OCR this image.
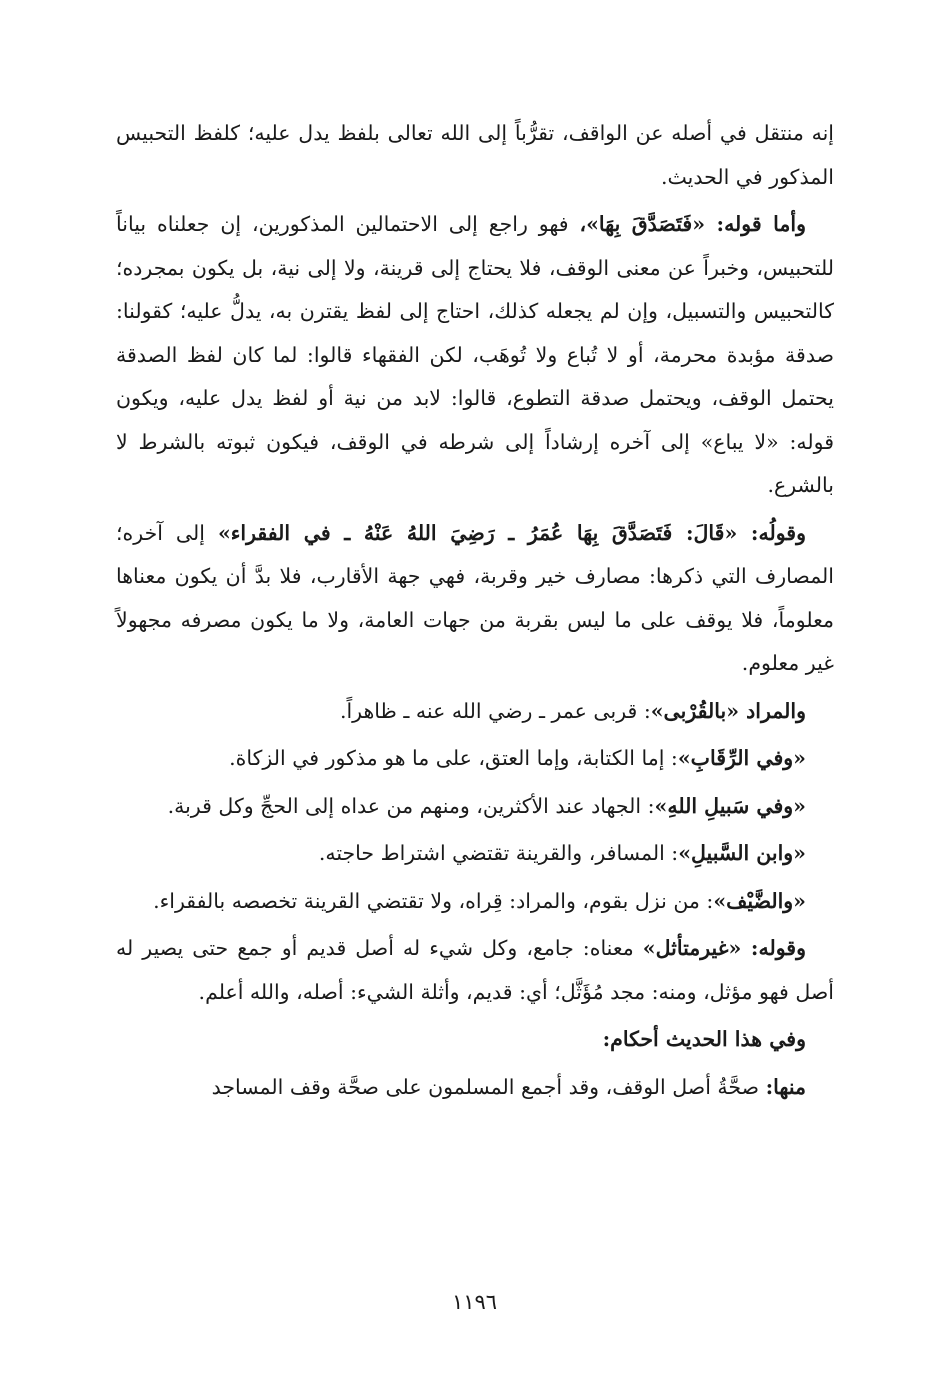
إنه منتقل في أصله عن الواقف، تقرُّباً إلى الله تعالى بلفظ يدل عليه؛ كلفظ التحبيس المذكور في الحديث.

وأما قوله: «فَتَصَدَّقَ بِهَا»، فهو راجع إلى الاحتمالين المذكورين، إن جعلناه بياناً للتحبيس، وخبراً عن معنى الوقف، فلا يحتاج إلى قرينة، ولا إلى نية، بل يكون بمجرده؛ كالتحبيس والتسبيل، وإن لم يجعله كذلك، احتاج إلى لفظ يقترن به، يدلُّ عليه؛ كقولنا: صدقة مؤبدة محرمة، أو لا تُباع ولا تُوهَب، لكن الفقهاء قالوا: لما كان لفظ الصدقة يحتمل الوقف، ويحتمل صدقة التطوع، قالوا: لابد من نية أو لفظ يدل عليه، ويكون قوله: «لا يباع» إلى آخره إرشاداً إلى شرطه في الوقف، فيكون ثبوته بالشرط لا بالشرع.

وقولُه: «قَالَ: فَتَصَدَّقَ بِهَا عُمَرُ ـ رَضِيَ اللهُ عَنْهُ ـ في الفقراء» إلى آخره؛ المصارف التي ذكرها: مصارف خير وقربة، فهي جهة الأقارب، فلا بدَّ أن يكون معناها معلوماً، فلا يوقف على ما ليس بقربة من جهات العامة، ولا ما يكون مصرفه مجهولاً غير معلوم.

والمراد «بالقُرْبى»: قربى عمر ـ رضي الله عنه ـ ظاهراً.

«وفي الرِّقَابِ»: إما الكتابة، وإما العتق، على ما هو مذكور في الزكاة.

«وفي سَبيلِ اللهِ»: الجهاد عند الأكثرين، ومنهم من عداه إلى الحجِّ وكل قربة.

«وابن السَّبيلِ»: المسافر، والقرينة تقتضي اشتراط حاجته.

«والضَّيْف»: من نزل بقوم، والمراد: قِراه، ولا تقتضي القرينة تخصصه بالفقراء.

وقوله: «غيرمتأثل» معناه: جامع، وكل شيء له أصل قديم أو جمع حتى يصير له أصل فهو مؤثل، ومنه: مجد مُؤَثَّل؛ أي: قديم، وأثلة الشيء: أصله، والله أعلم.

وفي هذا الحديث أحكام:

منها: صحَّةُ أصل الوقف، وقد أجمع المسلمون على صحَّة وقف المساجد

١١٩٦
